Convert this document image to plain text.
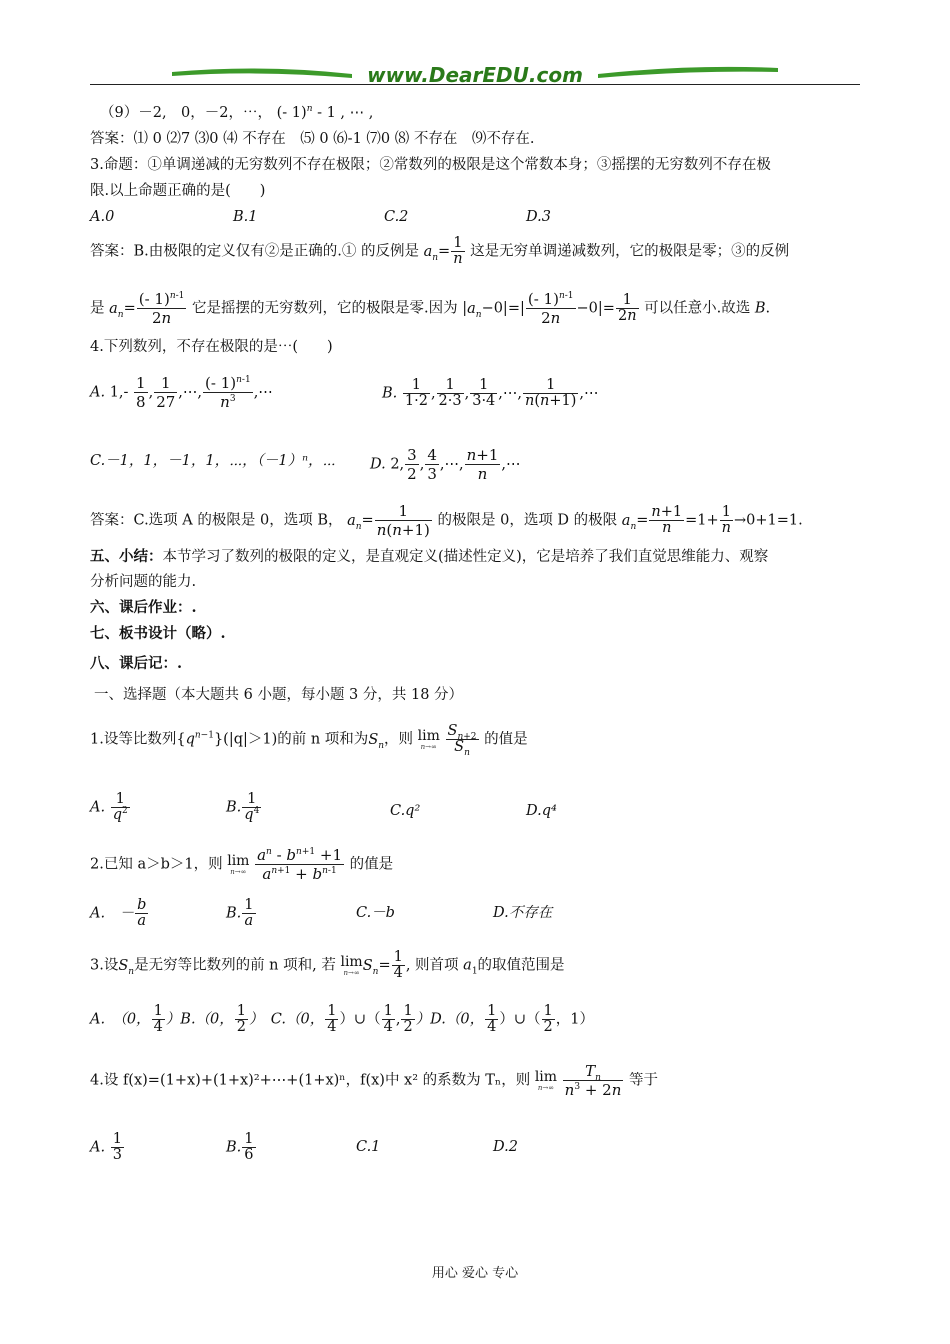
www.DearEDU.com
（9）－2,　0，－2，⋯， (- 1)$^n$ - 1 , ⋯ ,
答案：⑴ 0 ⑵7 ⑶0 ⑷ 不存在　⑸ 0 ⑹-1 ⑺0 ⑻ 不存在　⑼不存在.
3.命题：①单调递减的无穷数列不存在极限；②常数列的极限是这个常数本身；③摇摆的无穷数列不存在极
限.以上命题正确的是(　　)
A.0	B.1	C.2	D.3
答案：B.由极限的定义仅有②是正确的.① 的反例是 $a_n= \frac{1}{n}$ 这是无穷单调递减数列，它的极限是零；③的反例
是 $a_n= \frac{(- 1)^{n-1}}{2n}$ 它是摇摆的无穷数列，它的极限是零.因为 $|a_n-0|=| \frac{(- 1)^{n-1}}{2n} -0|= \frac{1}{2n}$ 可以任意小.故选 B.
4.下列数列，不存在极限的是⋯(　　)
A. $1,- \frac{1}{8}$ , $\frac{1}{27}$ ,⋯, $\frac{(- 1)^{n-1}}{n^3}$ ,⋯	B. $\frac{1}{1\cdot 2}$ , $\frac{1}{2\cdot 3}$ , $\frac{1}{3\cdot 4}$ ,⋯, $\frac{1}{n(n+1)}$ ,⋯
C.－1，1，－1，1，⋯，（－1）ⁿ，⋯ D. 2, $\frac{3}{2}$ , $\frac{4}{3}$ ,⋯, $\frac{n+1}{n}$ ,⋯
答案：C.选项 A 的极限是 0，选项 B， $a_n= \frac{1}{n(n+1)}$ 的极限是 0，选项 D 的极限 $a_n= \frac{n+1}{n} =1+ \frac{1}{n} \to 0+1=1$.
五、小结：本节学习了数列的极限的定义，是直观定义(描述性定义)，它是培养了我们直觉思维能力、观察
分析问题的能力.
六、课后作业：.
七、板书设计（略）.
八、课后记：.
一、选择题（本大题共 6 小题，每小题 3 分，共 18 分）
1.设等比数列$\{q^{n-1}\}(|q|>1)$的前 n 项和为$S_n$，则 lim
n→∞
$\frac{S_{n+2}}{S_n}$ 的值是
A. $\frac{1}{q^2}$	B. $\frac{1}{q^4}$	C.q²	D.q⁴
2.已知 a＞b＞1，则 lim
n→∞
$\frac{a^n - b^{n+1} +1}{a^{n+1} + b^{n-1}}$ 的值是
A.　－ $\frac{b}{a}$	B. $\frac{1}{a}$	C.－b	D.不存在
3.设$S_n$是无穷等比数列的前 n 项和, 若 lim
n→∞ $S_n= \frac{1}{4}$ , 则首项 $a_1$的取值范围是
A.　（0， $\frac{1}{4} )B.(0$， $\frac{1}{2}$ ）　C.（0， $\frac{1}{4}$ ）∪（ $\frac{1}{4}$ , $\frac{1}{2} )D.(0$， $\frac{1}{4}$ ）∪（ $\frac{1}{2}$ ，1）
4.设 f(x)=(1+x)+(1+x)²+⋯+(1+x)ⁿ，f(x)中 x² 的系数为 Tₙ，则 lim
n→∞
$\frac{T_n}{n^3 + 2n}$ 等于
A. $\frac{1}{3}$	B. $\frac{1}{6}$	C.1	D.2
用心 爱心 专心
